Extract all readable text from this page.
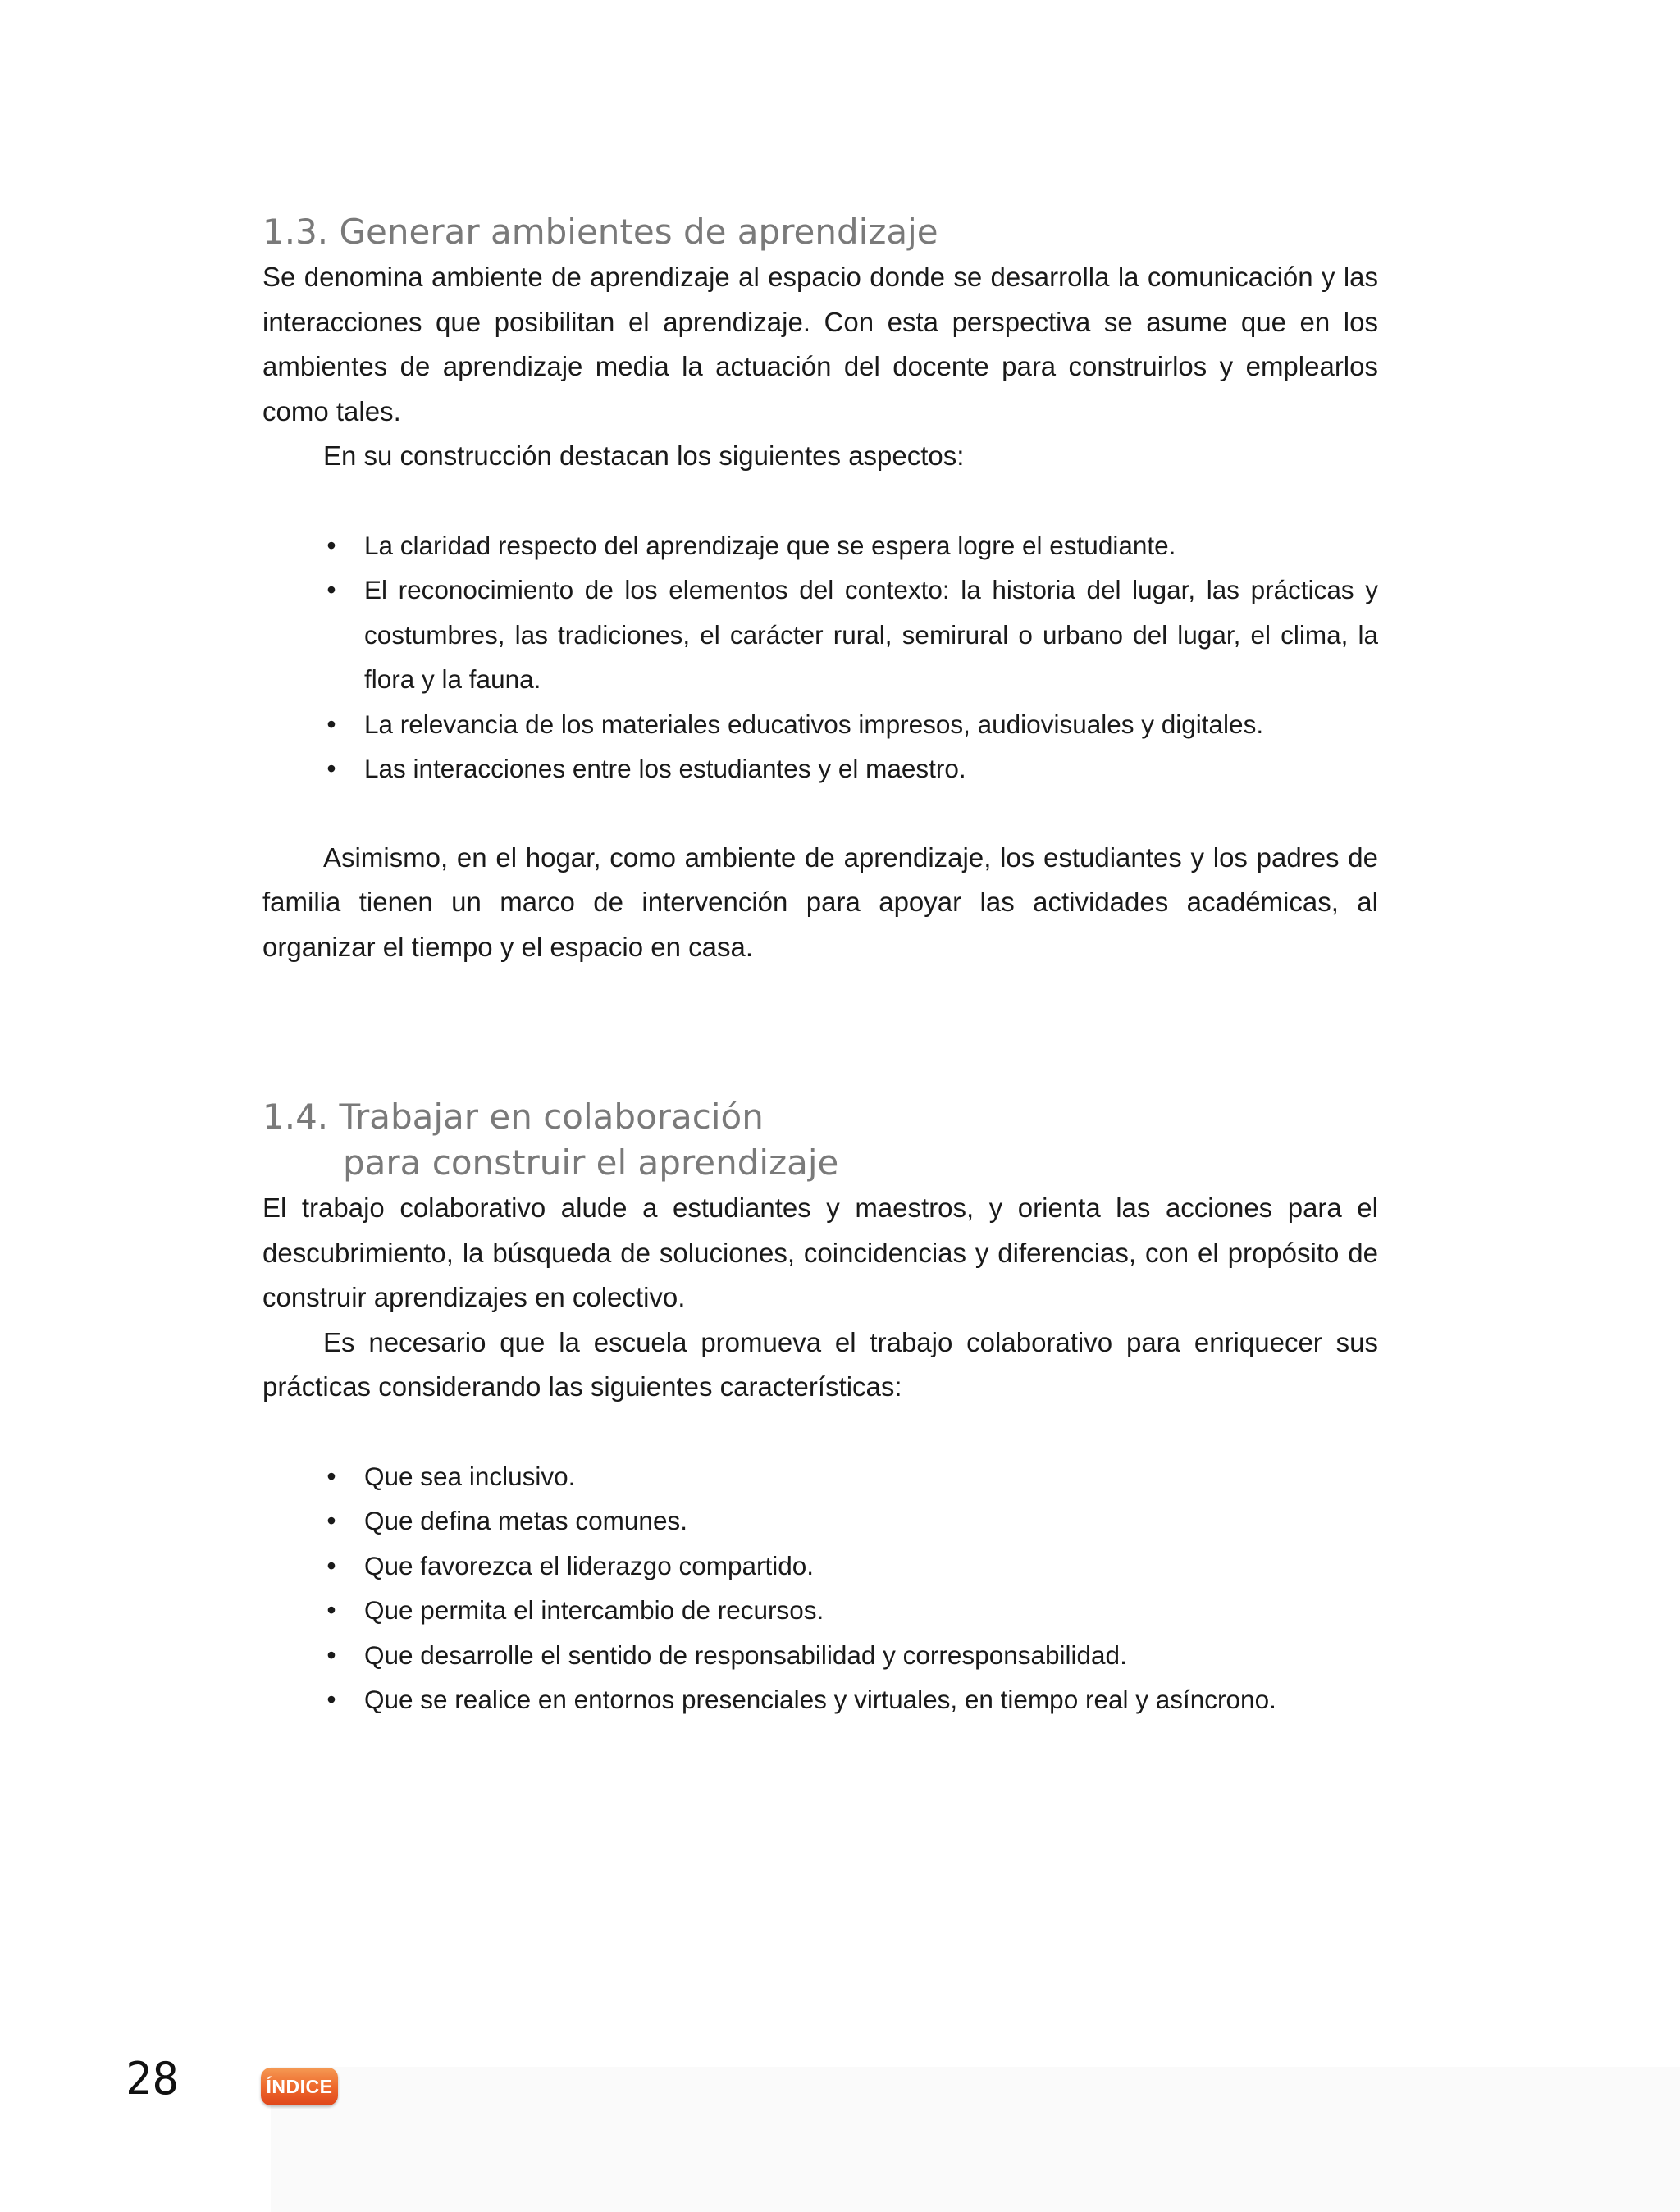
1.3. Generar ambientes de aprendizaje

Se denomina ambiente de aprendizaje al espacio donde se desarrolla la comunicación y las interacciones que posibilitan el aprendizaje. Con esta perspectiva se asume que en los ambientes de aprendizaje media la actuación del docente para construirlos y emplearlos como tales.

En su construcción destacan los siguientes aspectos:

• La claridad respecto del aprendizaje que se espera logre el estudiante.
• El reconocimiento de los elementos del contexto: la historia del lugar, las prácticas y costumbres, las tradiciones, el carácter rural, semirural o urbano del lugar, el clima, la flora y la fauna.
• La relevancia de los materiales educativos impresos, audiovisuales y digitales.
• Las interacciones entre los estudiantes y el maestro.

Asimismo, en el hogar, como ambiente de aprendizaje, los estudiantes y los padres de familia tienen un marco de intervención para apoyar las actividades académicas, al organizar el tiempo y el espacio en casa.

1.4. Trabajar en colaboración
para construir el aprendizaje

El trabajo colaborativo alude a estudiantes y maestros, y orienta las acciones para el descubrimiento, la búsqueda de soluciones, coincidencias y diferencias, con el propósito de construir aprendizajes en colectivo.

Es necesario que la escuela promueva el trabajo colaborativo para enriquecer sus prácticas considerando las siguientes características:

• Que sea inclusivo.
• Que defina metas comunes.
• Que favorezca el liderazgo compartido.
• Que permita el intercambio de recursos.
• Que desarrolle el sentido de responsabilidad y corresponsabilidad.
• Que se realice en entornos presenciales y virtuales, en tiempo real y asíncrono.

28	ÍNDICE
